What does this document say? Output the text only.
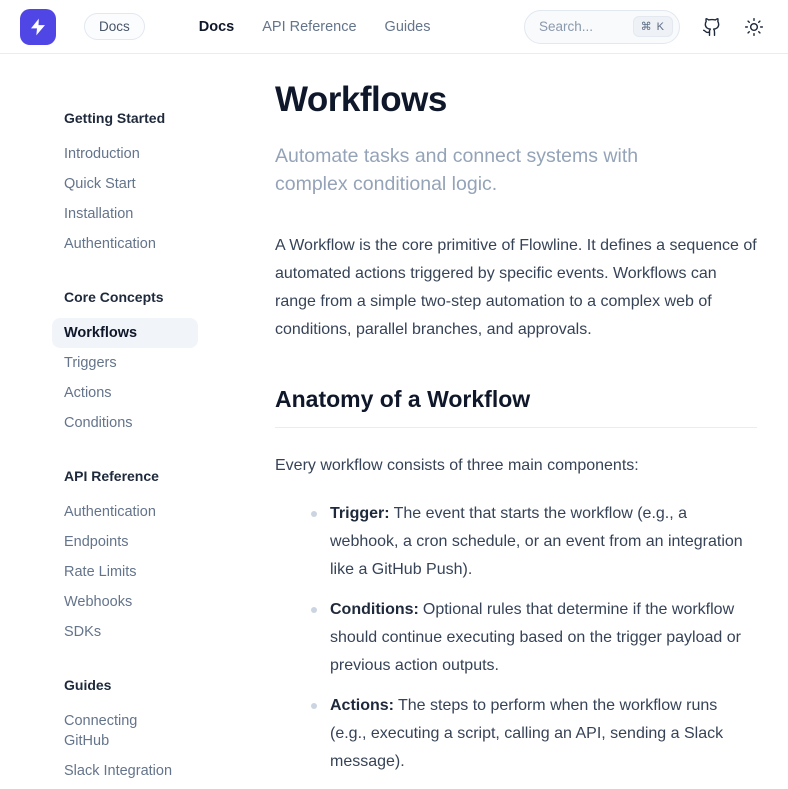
Docs	Docs API Reference Guides
Search...	⌘ K
Getting Started
Introduction
Quick Start
Installation
Authentication
Core Concepts
Workflows
Triggers
Actions
Conditions
API Reference
Authentication
Endpoints
Rate Limits
Webhooks
SDKs
Guides
Connecting GitHub
Slack Integration
Workflows

Automate tasks and connect systems with complex conditional logic.

A Workflow is the core primitive of Flowline. It defines a sequence of automated actions triggered by specific events. Workflows can range from a simple two-step automation to a complex web of conditions, parallel branches, and approvals.

Anatomy of a Workflow

Every workflow consists of three main components:

Trigger: The event that starts the workflow (e.g., a webhook, a cron schedule, or an event from an integration like a GitHub Push).
Conditions: Optional rules that determine if the workflow should continue executing based on the trigger payload or previous action outputs.
Actions: The steps to perform when the workflow runs (e.g., executing a script, calling an API, sending a Slack message).
